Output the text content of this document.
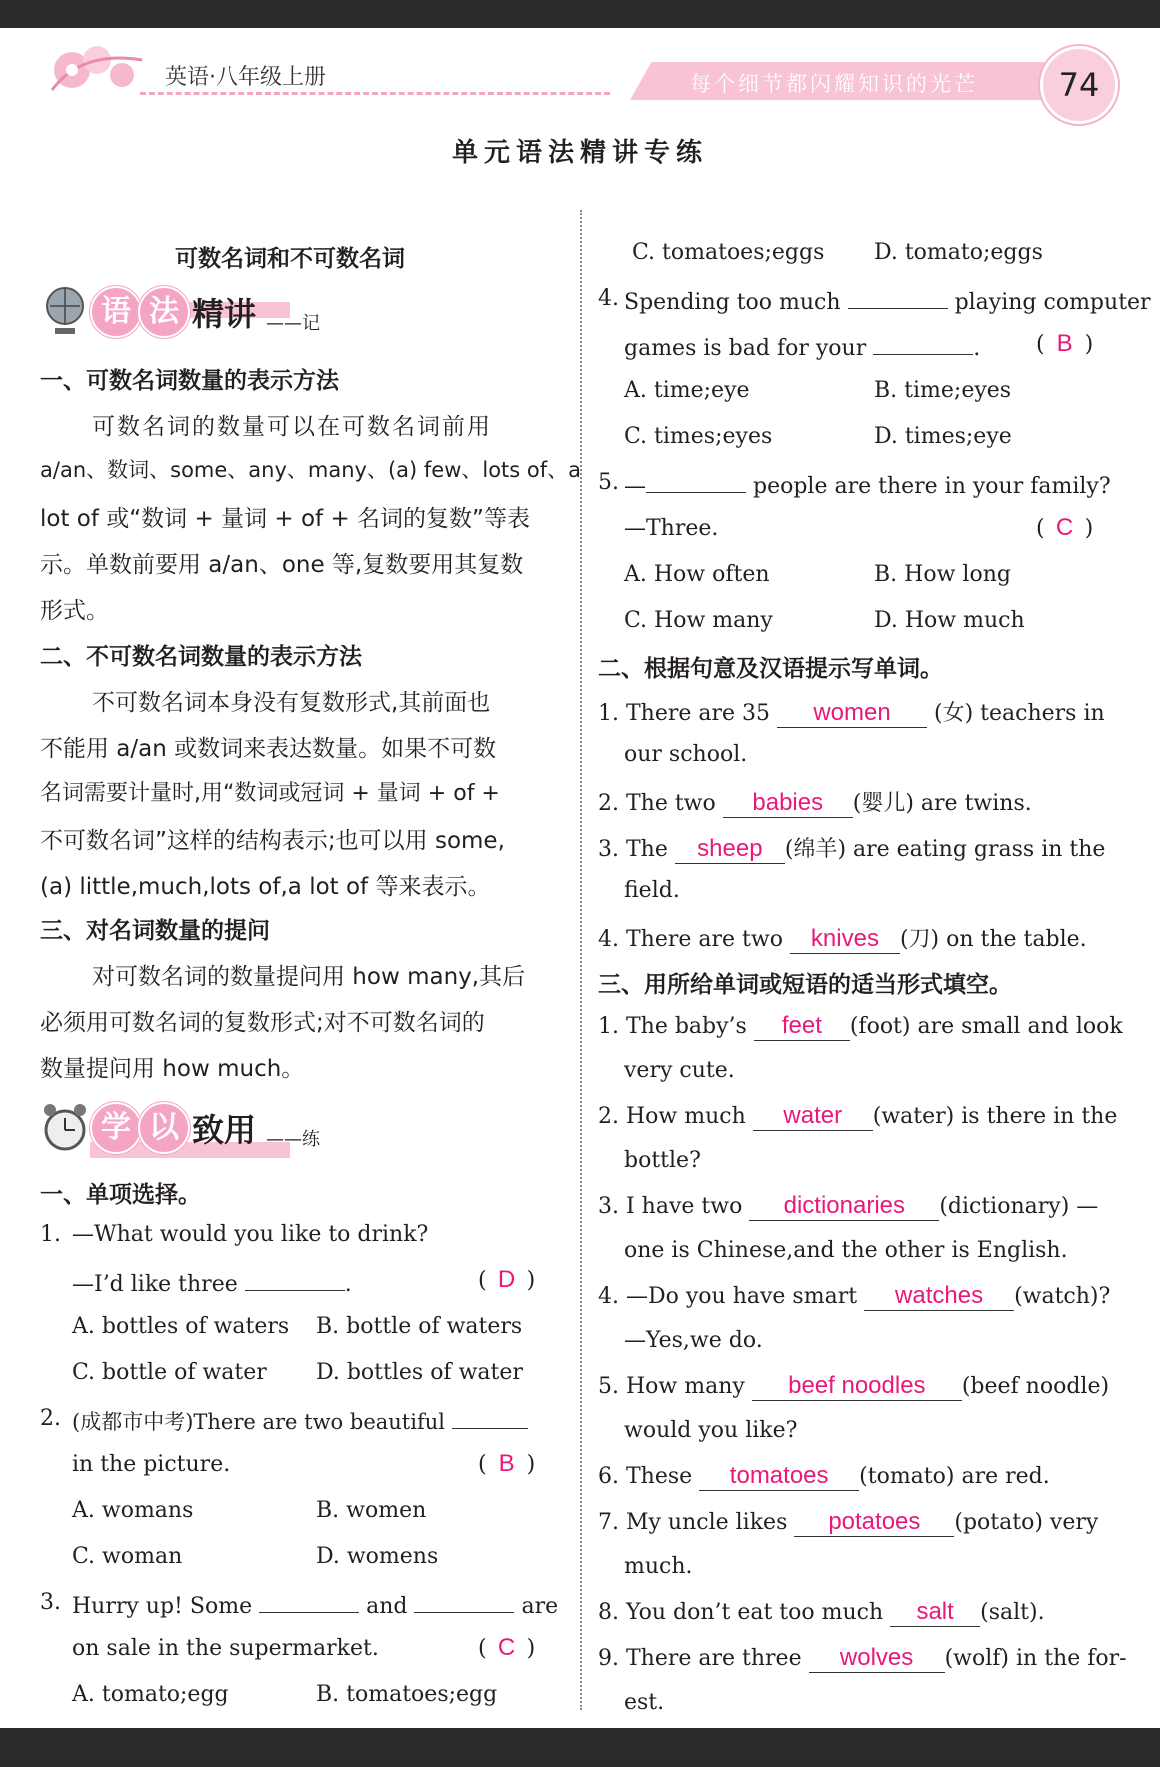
英语·八年级上册	每个细节都闪耀知识的光芒	74
单元语法精讲专练
可数名词和不可数名词
语 法 精讲 ——记
一、可数名词数量的表示方法
可数名词的数量可以在可数名词前用
a/an、数词、some、any、many、(a) few、lots of、a
lot of 或“数词 + 量词 + of + 名词的复数”等表
示。单数前要用 a/an、one 等,复数要用其复数
形式。
二、不可数名词数量的表示方法
不可数名词本身没有复数形式,其前面也
不能用 a/an 或数词来表达数量。如果不可数
名词需要计量时,用“数词或冠词 + 量词 + of +
不可数名词”这样的结构表示;也可以用 some,
(a) little,much,lots of,a lot of 等来表示。
三、对名词数量的提问
对可数名词的数量提问用 how many,其后
必须用可数名词的复数形式;对不可数名词的
数量提问用 how much。
学 以 致用 ——练
一、单项选择。
1. —What would you like to drink?
—I’d like three	.	( D )
A. bottles of waters B. bottle of waters
C. bottle of water D. bottles of water
2. (成都市中考)There are two beautiful
in the picture.	( B )
A. womans	B. women
C. woman	D. womens
3. Hurry up! Some	and	are
on sale in the supermarket.	( C )
A. tomato;egg	B. tomatoes;egg
C. tomatoes;eggs D. tomato;eggs
4. Spending too much	playing computer
games is bad for your	.	( B )
A. time;eye	B. time;eyes
C. times;eyes	D. times;eye
5. —	people are there in your family?
—Three.	( C )
A. How often	B. How long
C. How many	D. How much
二、根据句意及汉语提示写单词。
1. There are 35 women (女) teachers in
our school.
2. The two babies (婴儿) are twins.
3. The sheep (绵羊) are eating grass in the
field.
4. There are two knives (刀) on the table.
三、用所给单词或短语的适当形式填空。
1. The baby’s feet (foot) are small and look
very cute.
2. How much water (water) is there in the
bottle?
3. I have two dictionaries (dictionary) —
one is Chinese,and the other is English.
4. —Do you have smart watches (watch)?
—Yes,we do.
5. How many beef noodles (beef noodle)
would you like?
6. These tomatoes (tomato) are red.
7. My uncle likes potatoes (potato) very
much.
8. You don’t eat too much salt (salt).
9. There are three wolves (wolf) in the for-
est.
